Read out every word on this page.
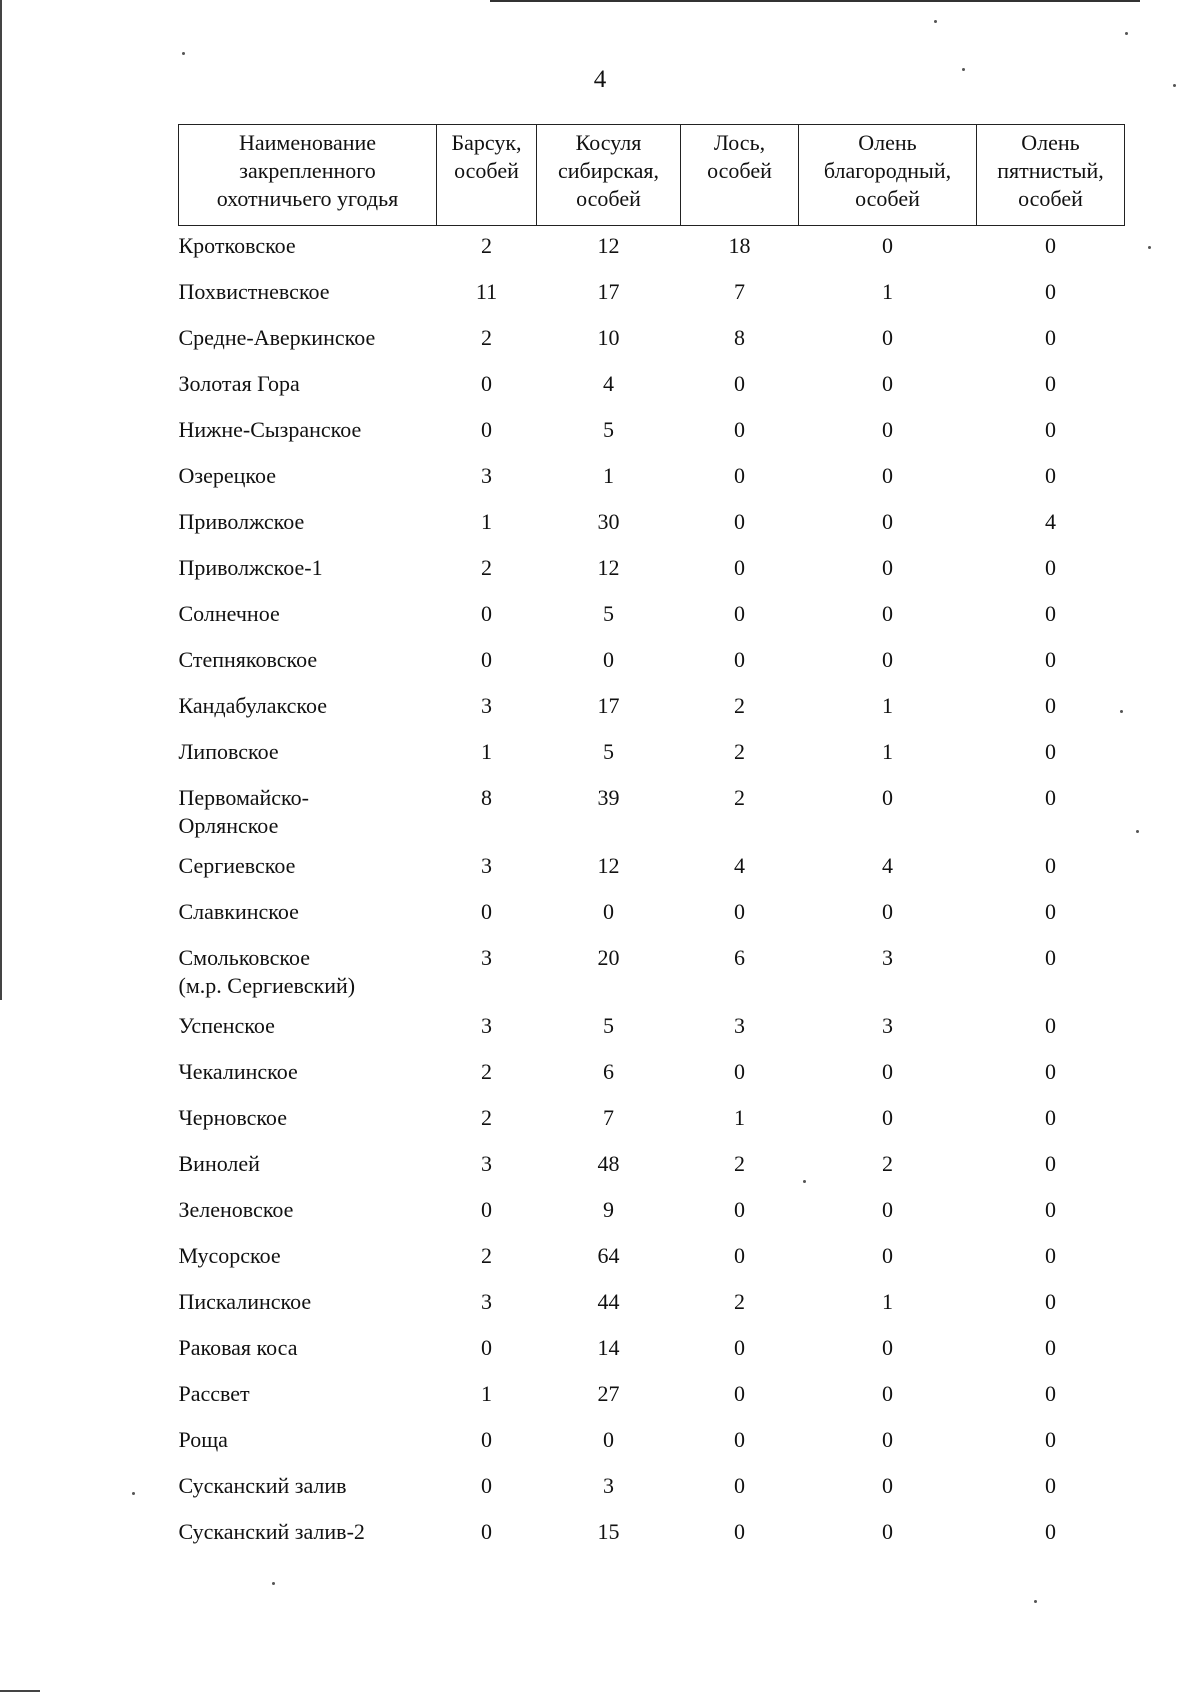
4
Наименование закрепленного охотничьего угодья	Барсук, особей	Косуля сибирская, особей	Лось, особей	Олень благородный, особей	Олень пятнистый, особей
Кротковское	2	12	18	0	0
Похвистневское	11	17	7	1	0
Средне-Аверкинское	2	10	8	0	0
Золотая Гора	0	4	0	0	0
Нижне-Сызранское	0	5	0	0	0
Озерецкое	3	1	0	0	0
Приволжское	1	30	0	0	4
Приволжское-1	2	12	0	0	0
Солнечное	0	5	0	0	0
Степняковское	0	0	0	0	0
Кандабулакское	3	17	2	1	0
Липовское	1	5	2	1	0
Первомайско-
Орлянское	8	39	2	0	0
Сергиевское	3	12	4	4	0
Славкинское	0	0	0	0	0
Смольковское
(м.р. Сергиевский)	3	20	6	3	0
Успенское	3	5	3	3	0
Чекалинское	2	6	0	0	0
Черновское	2	7	1	0	0
Винолей	3	48	2	2	0
Зеленовское	0	9	0	0	0
Мусорское	2	64	0	0	0
Пискалинское	3	44	2	1	0
Раковая коса	0	14	0	0	0
Рассвет	1	27	0	0	0
Роща	0	0	0	0	0
Сусканский залив	0	3	0	0	0
Сусканский залив-2	0	15	0	0	0
